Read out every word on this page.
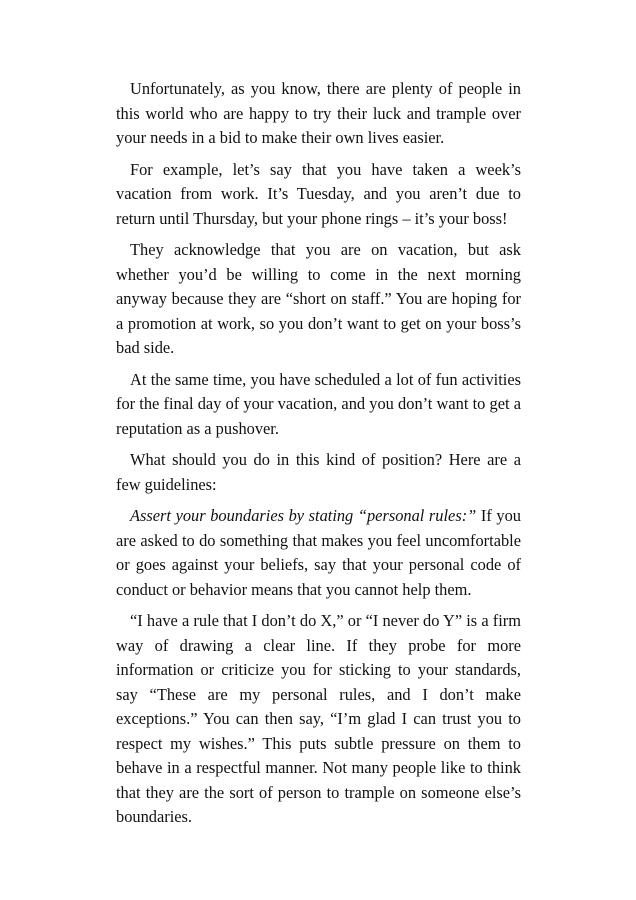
Unfortunately, as you know, there are plenty of people in this world who are happy to try their luck and trample over your needs in a bid to make their own lives easier.

For example, let’s say that you have taken a week’s vacation from work. It’s Tuesday, and you aren’t due to return until Thursday, but your phone rings – it’s your boss!

They acknowledge that you are on vacation, but ask whether you’d be willing to come in the next morning anyway because they are “short on staff.” You are hoping for a promotion at work, so you don’t want to get on your boss’s bad side.

At the same time, you have scheduled a lot of fun activities for the final day of your vacation, and you don’t want to get a reputation as a pushover.

What should you do in this kind of position? Here are a few guidelines:

Assert your boundaries by stating “personal rules:” If you are asked to do something that makes you feel uncomfortable or goes against your beliefs, say that your personal code of conduct or behavior means that you cannot help them.

“I have a rule that I don’t do X,” or “I never do Y” is a firm way of drawing a clear line. If they probe for more information or criticize you for sticking to your standards, say “These are my personal rules, and I don’t make exceptions.” You can then say, “I’m glad I can trust you to respect my wishes.” This puts subtle pressure on them to behave in a respectful manner. Not many people like to think that they are the sort of person to trample on someone else’s boundaries.
